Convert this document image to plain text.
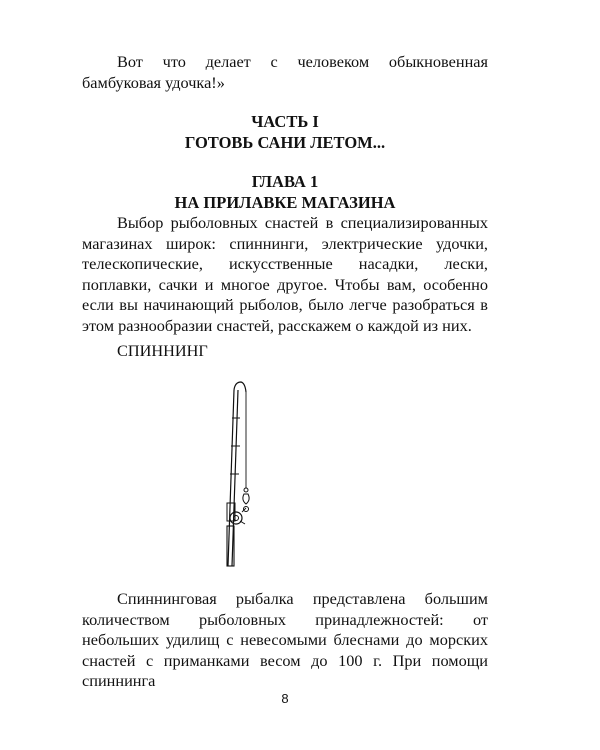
Вот что делает с человеком обыкновенная бамбуковая удочка!»

ЧАСТЬ I

ГОТОВЬ САНИ ЛЕТОМ...

ГЛАВА 1

НА ПРИЛАВКЕ МАГАЗИНА

Выбор рыболовных снастей в специализированных магазинах широк: спиннинги, электрические удочки, телескопические, искусственные насадки, лески, поплавки, сачки и многое другое. Чтобы вам, особенно если вы начинающий рыболов, было легче разобраться в этом разнообразии снастей, расскажем о каждой из них.

СПИННИНГ

Спиннинговая рыбалка представлена большим количеством рыболовных принадлежностей: от небольших удилищ с невесомыми блеснами до морских снастей с приманками весом до 100 г. При помощи спиннинга

8
